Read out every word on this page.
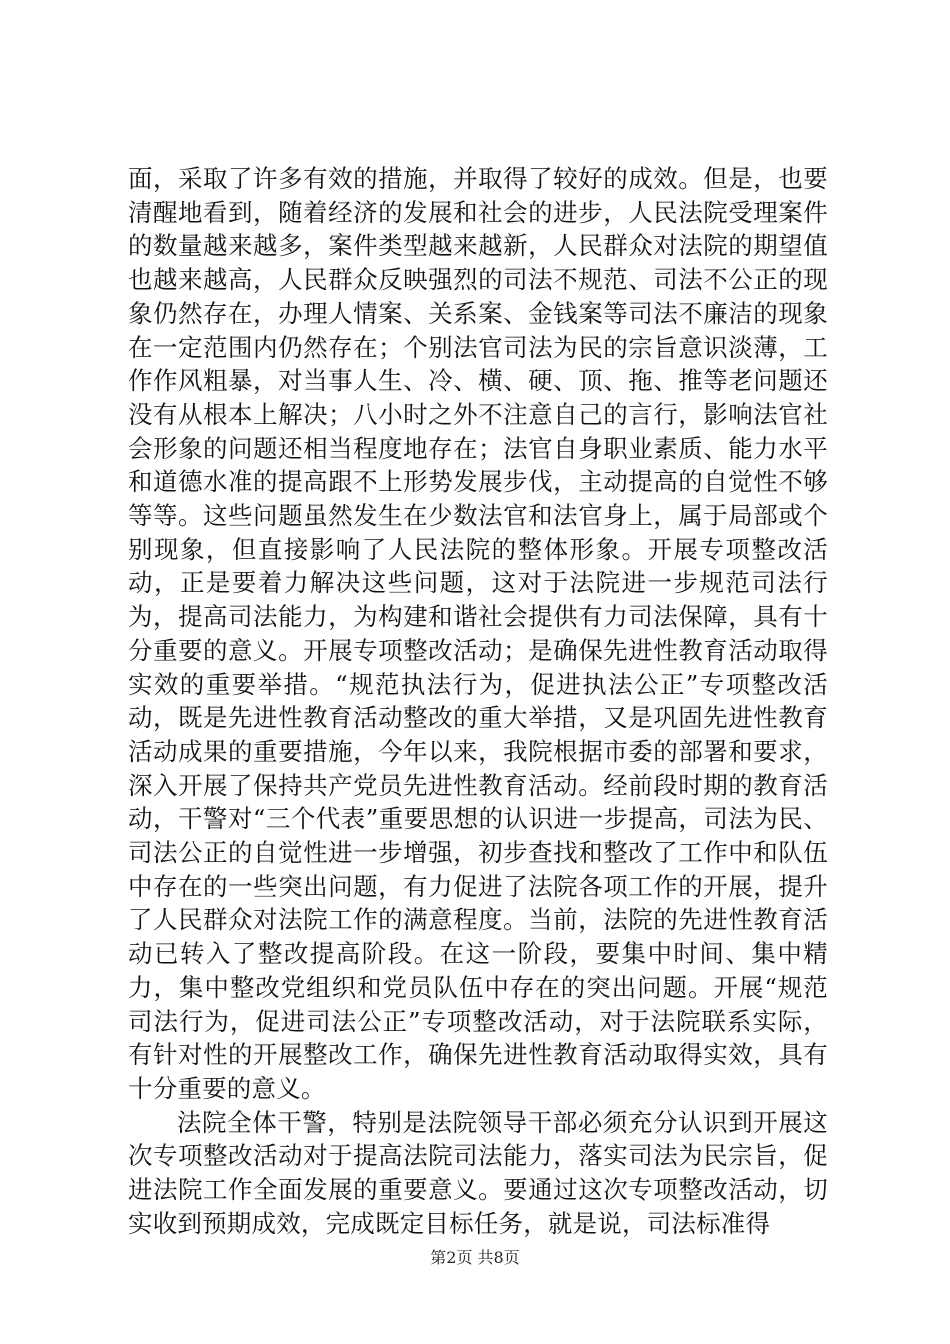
面，采取了许多有效的措施，并取得了较好的成效。但是，也要清醒地看到，随着经济的发展和社会的进步，人民法院受理案件的数量越来越多，案件类型越来越新，人民群众对法院的期望值也越来越高，人民群众反映强烈的司法不规范、司法不公正的现象仍然存在，办理人情案、关系案、金钱案等司法不廉洁的现象在一定范围内仍然存在；个别法官司法为民的宗旨意识淡薄，工作作风粗暴，对当事人生、冷、横、硬、顶、拖、推等老问题还没有从根本上解决；八小时之外不注意自己的言行，影响法官社会形象的问题还相当程度地存在；法官自身职业素质、能力水平和道德水准的提高跟不上形势发展步伐，主动提高的自觉性不够等等。这些问题虽然发生在少数法官和法官身上，属于局部或个别现象，但直接影响了人民法院的整体形象。开展专项整改活动，正是要着力解决这些问题，这对于法院进一步规范司法行为，提高司法能力，为构建和谐社会提供有力司法保障，具有十分重要的意义。开展专项整改活动；是确保先进性教育活动取得实效的重要举措。“规范执法行为，促进执法公正”专项整改活动，既是先进性教育活动整改的重大举措，又是巩固先进性教育活动成果的重要措施，今年以来，我院根据市委的部署和要求，深入开展了保持共产党员先进性教育活动。经前段时期的教育活动，干警对“三个代表”重要思想的认识进一步提高，司法为民、司法公正的自觉性进一步增强，初步查找和整改了工作中和队伍中存在的一些突出问题，有力促进了法院各项工作的开展，提升了人民群众对法院工作的满意程度。当前，法院的先进性教育活动已转入了整改提高阶段。在这一阶段，要集中时间、集中精力，集中整改党组织和党员队伍中存在的突出问题。开展“规范司法行为，促进司法公正”专项整改活动，对于法院联系实际，有针对性的开展整改工作，确保先进性教育活动取得实效，具有十分重要的意义。

法院全体干警，特别是法院领导干部必须充分认识到开展这次专项整改活动对于提高法院司法能力，落实司法为民宗旨，促进法院工作全面发展的重要意义。要通过这次专项整改活动，切实收到预期成效，完成既定目标任务，就是说，司法标准得

第2页 共8页
